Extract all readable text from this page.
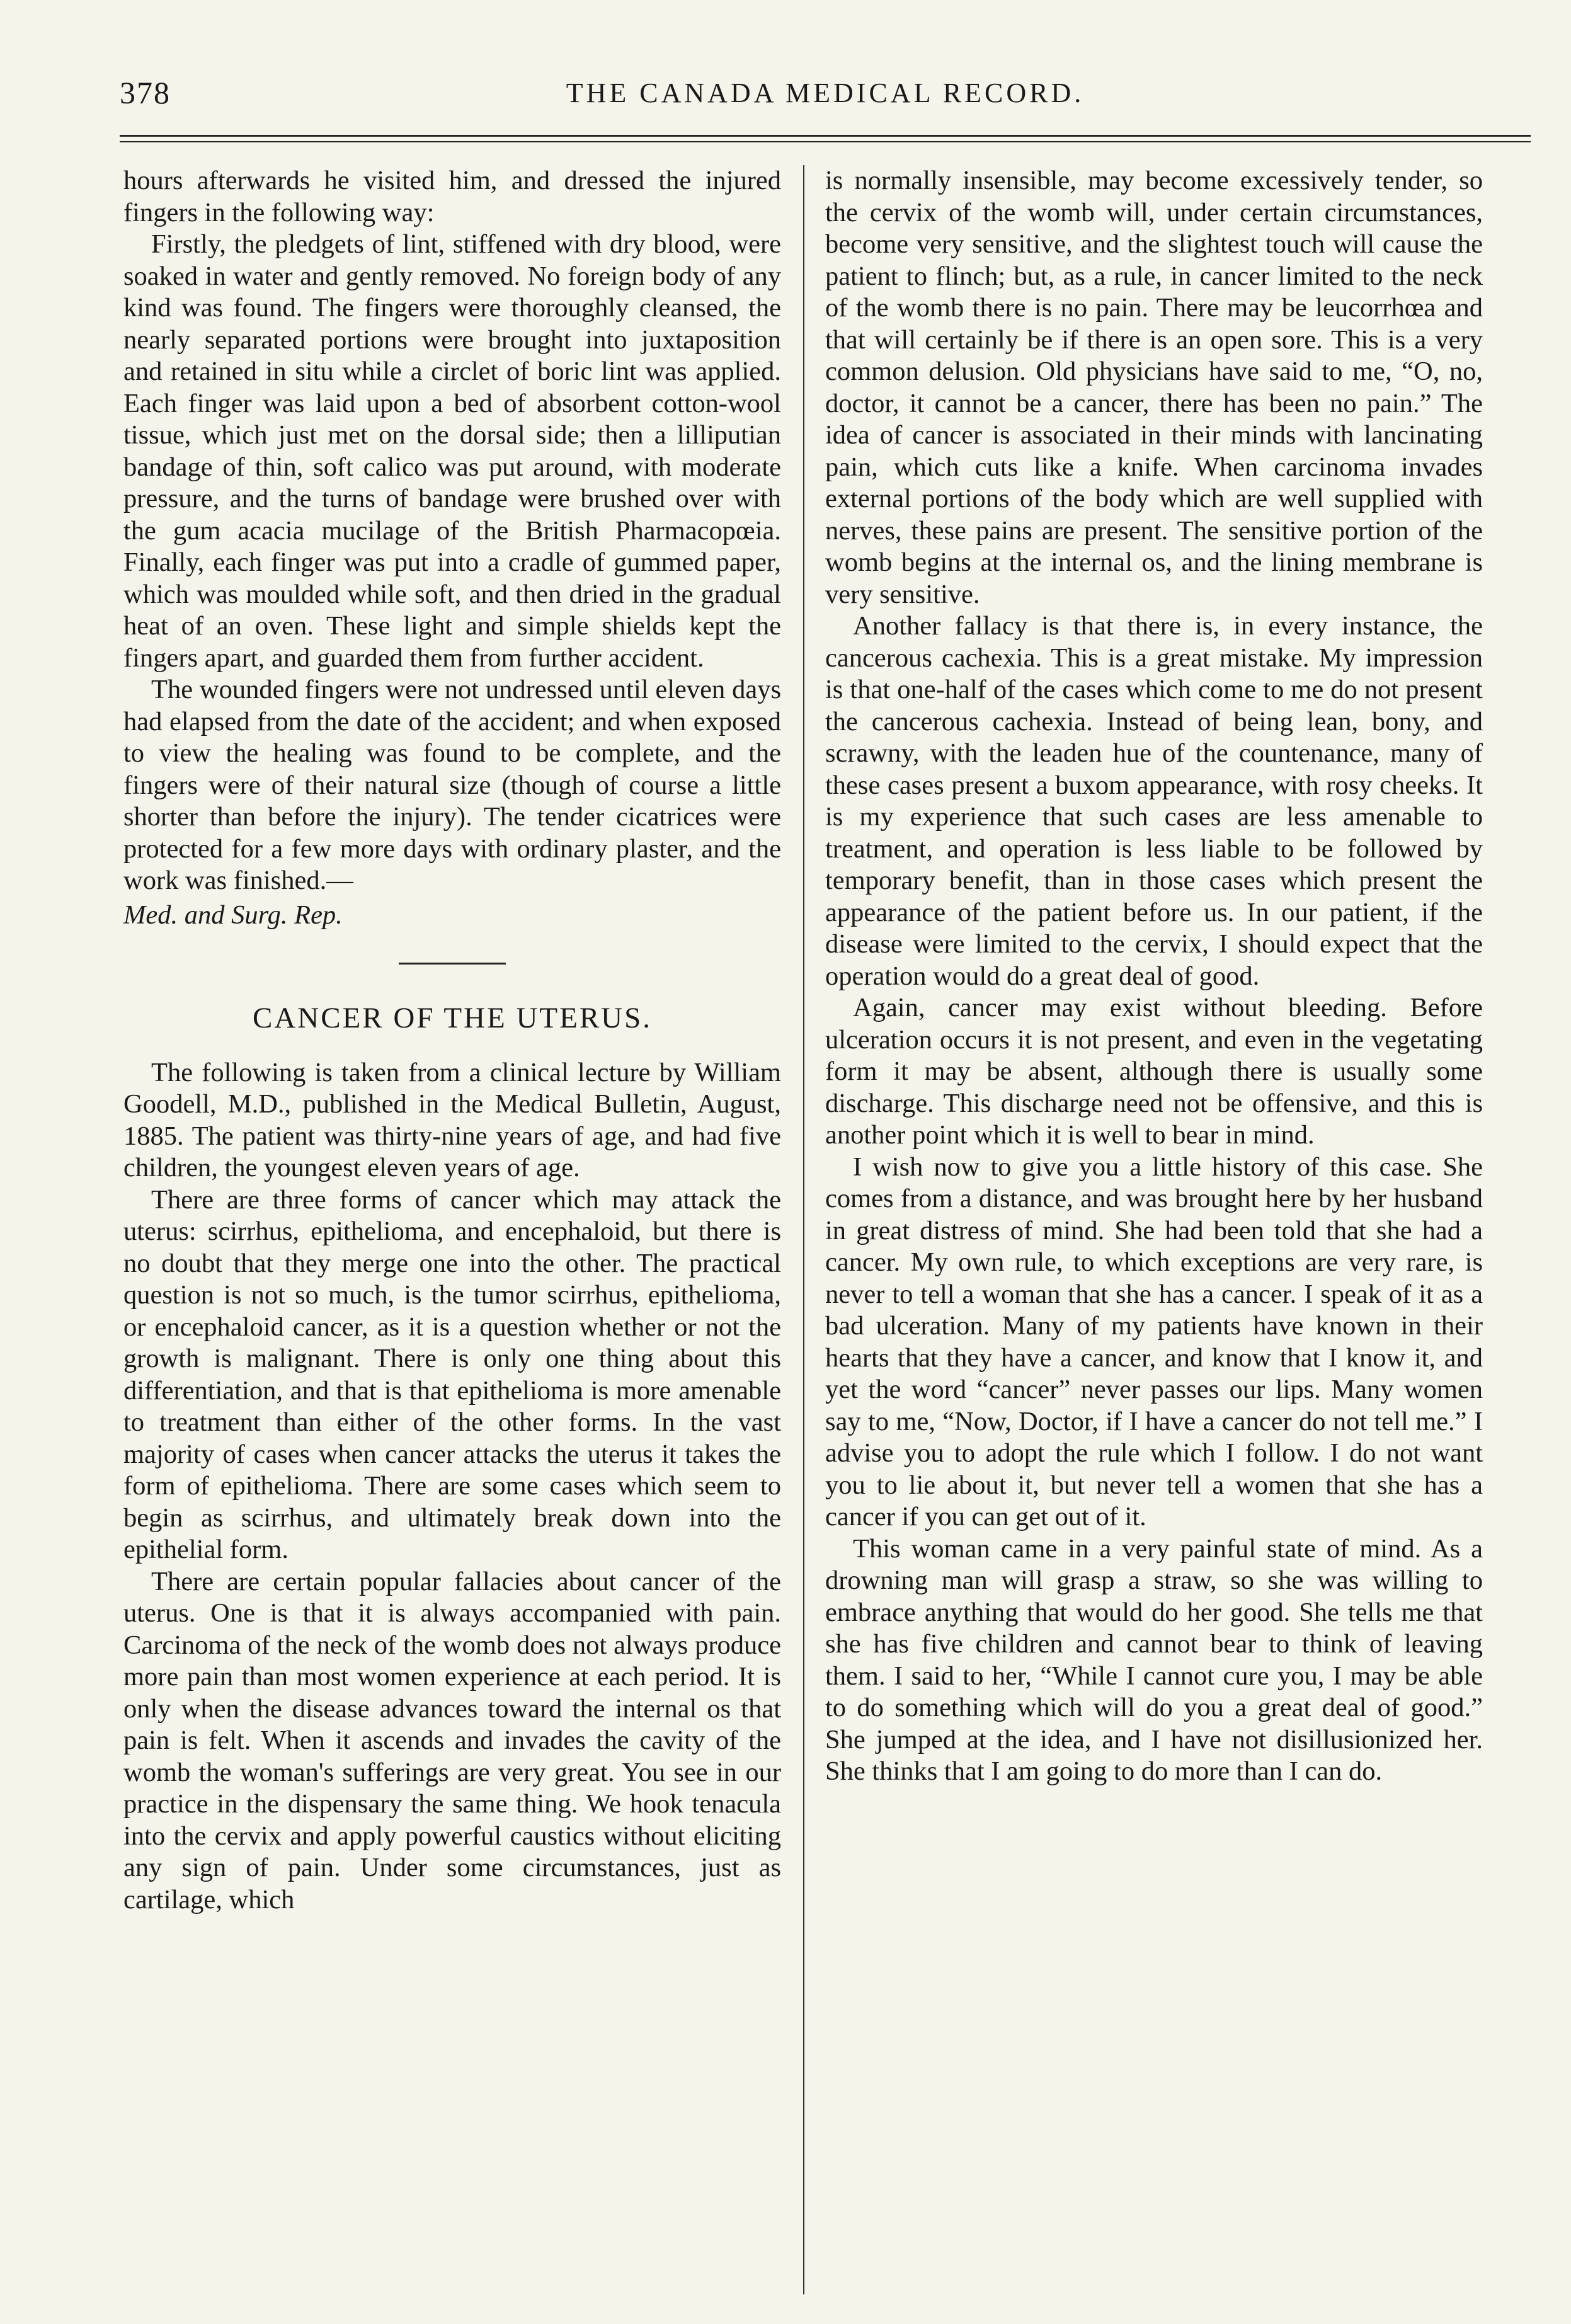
378	THE CANADA MEDICAL RECORD.

hours afterwards he visited him, and dressed the injured fingers in the following way:

Firstly, the pledgets of lint, stiffened with dry blood, were soaked in water and gently removed. No foreign body of any kind was found. The fingers were thoroughly cleansed, the nearly separated portions were brought into juxtaposition and retained in situ while a circlet of boric lint was applied. Each finger was laid upon a bed of absorbent cotton-wool tissue, which just met on the dorsal side; then a lilliputian bandage of thin, soft calico was put around, with moderate pressure, and the turns of bandage were brushed over with the gum acacia mucilage of the British Pharmacopœia. Finally, each finger was put into a cradle of gummed paper, which was moulded while soft, and then dried in the gradual heat of an oven. These light and simple shields kept the fingers apart, and guarded them from further accident.

The wounded fingers were not undressed until eleven days had elapsed from the date of the accident; and when exposed to view the healing was found to be complete, and the fingers were of their natural size (though of course a little shorter than before the injury). The tender cicatrices were protected for a few more days with ordinary plaster, and the work was finished.—

Med. and Surg. Rep.

CANCER OF THE UTERUS.

The following is taken from a clinical lecture by William Goodell, M.D., published in the Medical Bulletin, August, 1885. The patient was thirty-nine years of age, and had five children, the youngest eleven years of age.

There are three forms of cancer which may attack the uterus: scirrhus, epithelioma, and encephaloid, but there is no doubt that they merge one into the other. The practical question is not so much, is the tumor scirrhus, epithelioma, or encephaloid cancer, as it is a question whether or not the growth is malignant. There is only one thing about this differentiation, and that is that epithelioma is more amenable to treatment than either of the other forms. In the vast majority of cases when cancer attacks the uterus it takes the form of epithelioma. There are some cases which seem to begin as scirrhus, and ultimately break down into the epithelial form.

There are certain popular fallacies about cancer of the uterus. One is that it is always accompanied with pain. Carcinoma of the neck of the womb does not always produce more pain than most women experience at each period. It is only when the disease advances toward the internal os that pain is felt. When it ascends and invades the cavity of the womb the woman's sufferings are very great. You see in our practice in the dispensary the same thing. We hook tenacula into the cervix and apply powerful caustics without eliciting any sign of pain. Under some circumstances, just as cartilage, which

is normally insensible, may become excessively tender, so the cervix of the womb will, under certain circumstances, become very sensitive, and the slightest touch will cause the patient to flinch; but, as a rule, in cancer limited to the neck of the womb there is no pain. There may be leucorrhœa and that will certainly be if there is an open sore. This is a very common delusion. Old physicians have said to me, “O, no, doctor, it cannot be a cancer, there has been no pain.” The idea of cancer is associated in their minds with lancinating pain, which cuts like a knife. When carcinoma invades external portions of the body which are well supplied with nerves, these pains are present. The sensitive portion of the womb begins at the internal os, and the lining membrane is very sensitive.

Another fallacy is that there is, in every instance, the cancerous cachexia. This is a great mistake. My impression is that one-half of the cases which come to me do not present the cancerous cachexia. Instead of being lean, bony, and scrawny, with the leaden hue of the countenance, many of these cases present a buxom appearance, with rosy cheeks. It is my experience that such cases are less amenable to treatment, and operation is less liable to be followed by temporary benefit, than in those cases which present the appearance of the patient before us. In our patient, if the disease were limited to the cervix, I should expect that the operation would do a great deal of good.

Again, cancer may exist without bleeding. Before ulceration occurs it is not present, and even in the vegetating form it may be absent, although there is usually some discharge. This discharge need not be offensive, and this is another point which it is well to bear in mind.

I wish now to give you a little history of this case. She comes from a distance, and was brought here by her husband in great distress of mind. She had been told that she had a cancer. My own rule, to which exceptions are very rare, is never to tell a woman that she has a cancer. I speak of it as a bad ulceration. Many of my patients have known in their hearts that they have a cancer, and know that I know it, and yet the word “cancer” never passes our lips. Many women say to me, “Now, Doctor, if I have a cancer do not tell me.” I advise you to adopt the rule which I follow. I do not want you to lie about it, but never tell a women that she has a cancer if you can get out of it.

This woman came in a very painful state of mind. As a drowning man will grasp a straw, so she was willing to embrace anything that would do her good. She tells me that she has five children and cannot bear to think of leaving them. I said to her, “While I cannot cure you, I may be able to do something which will do you a great deal of good.” She jumped at the idea, and I have not disillusionized her. She thinks that I am going to do more than I can do.
